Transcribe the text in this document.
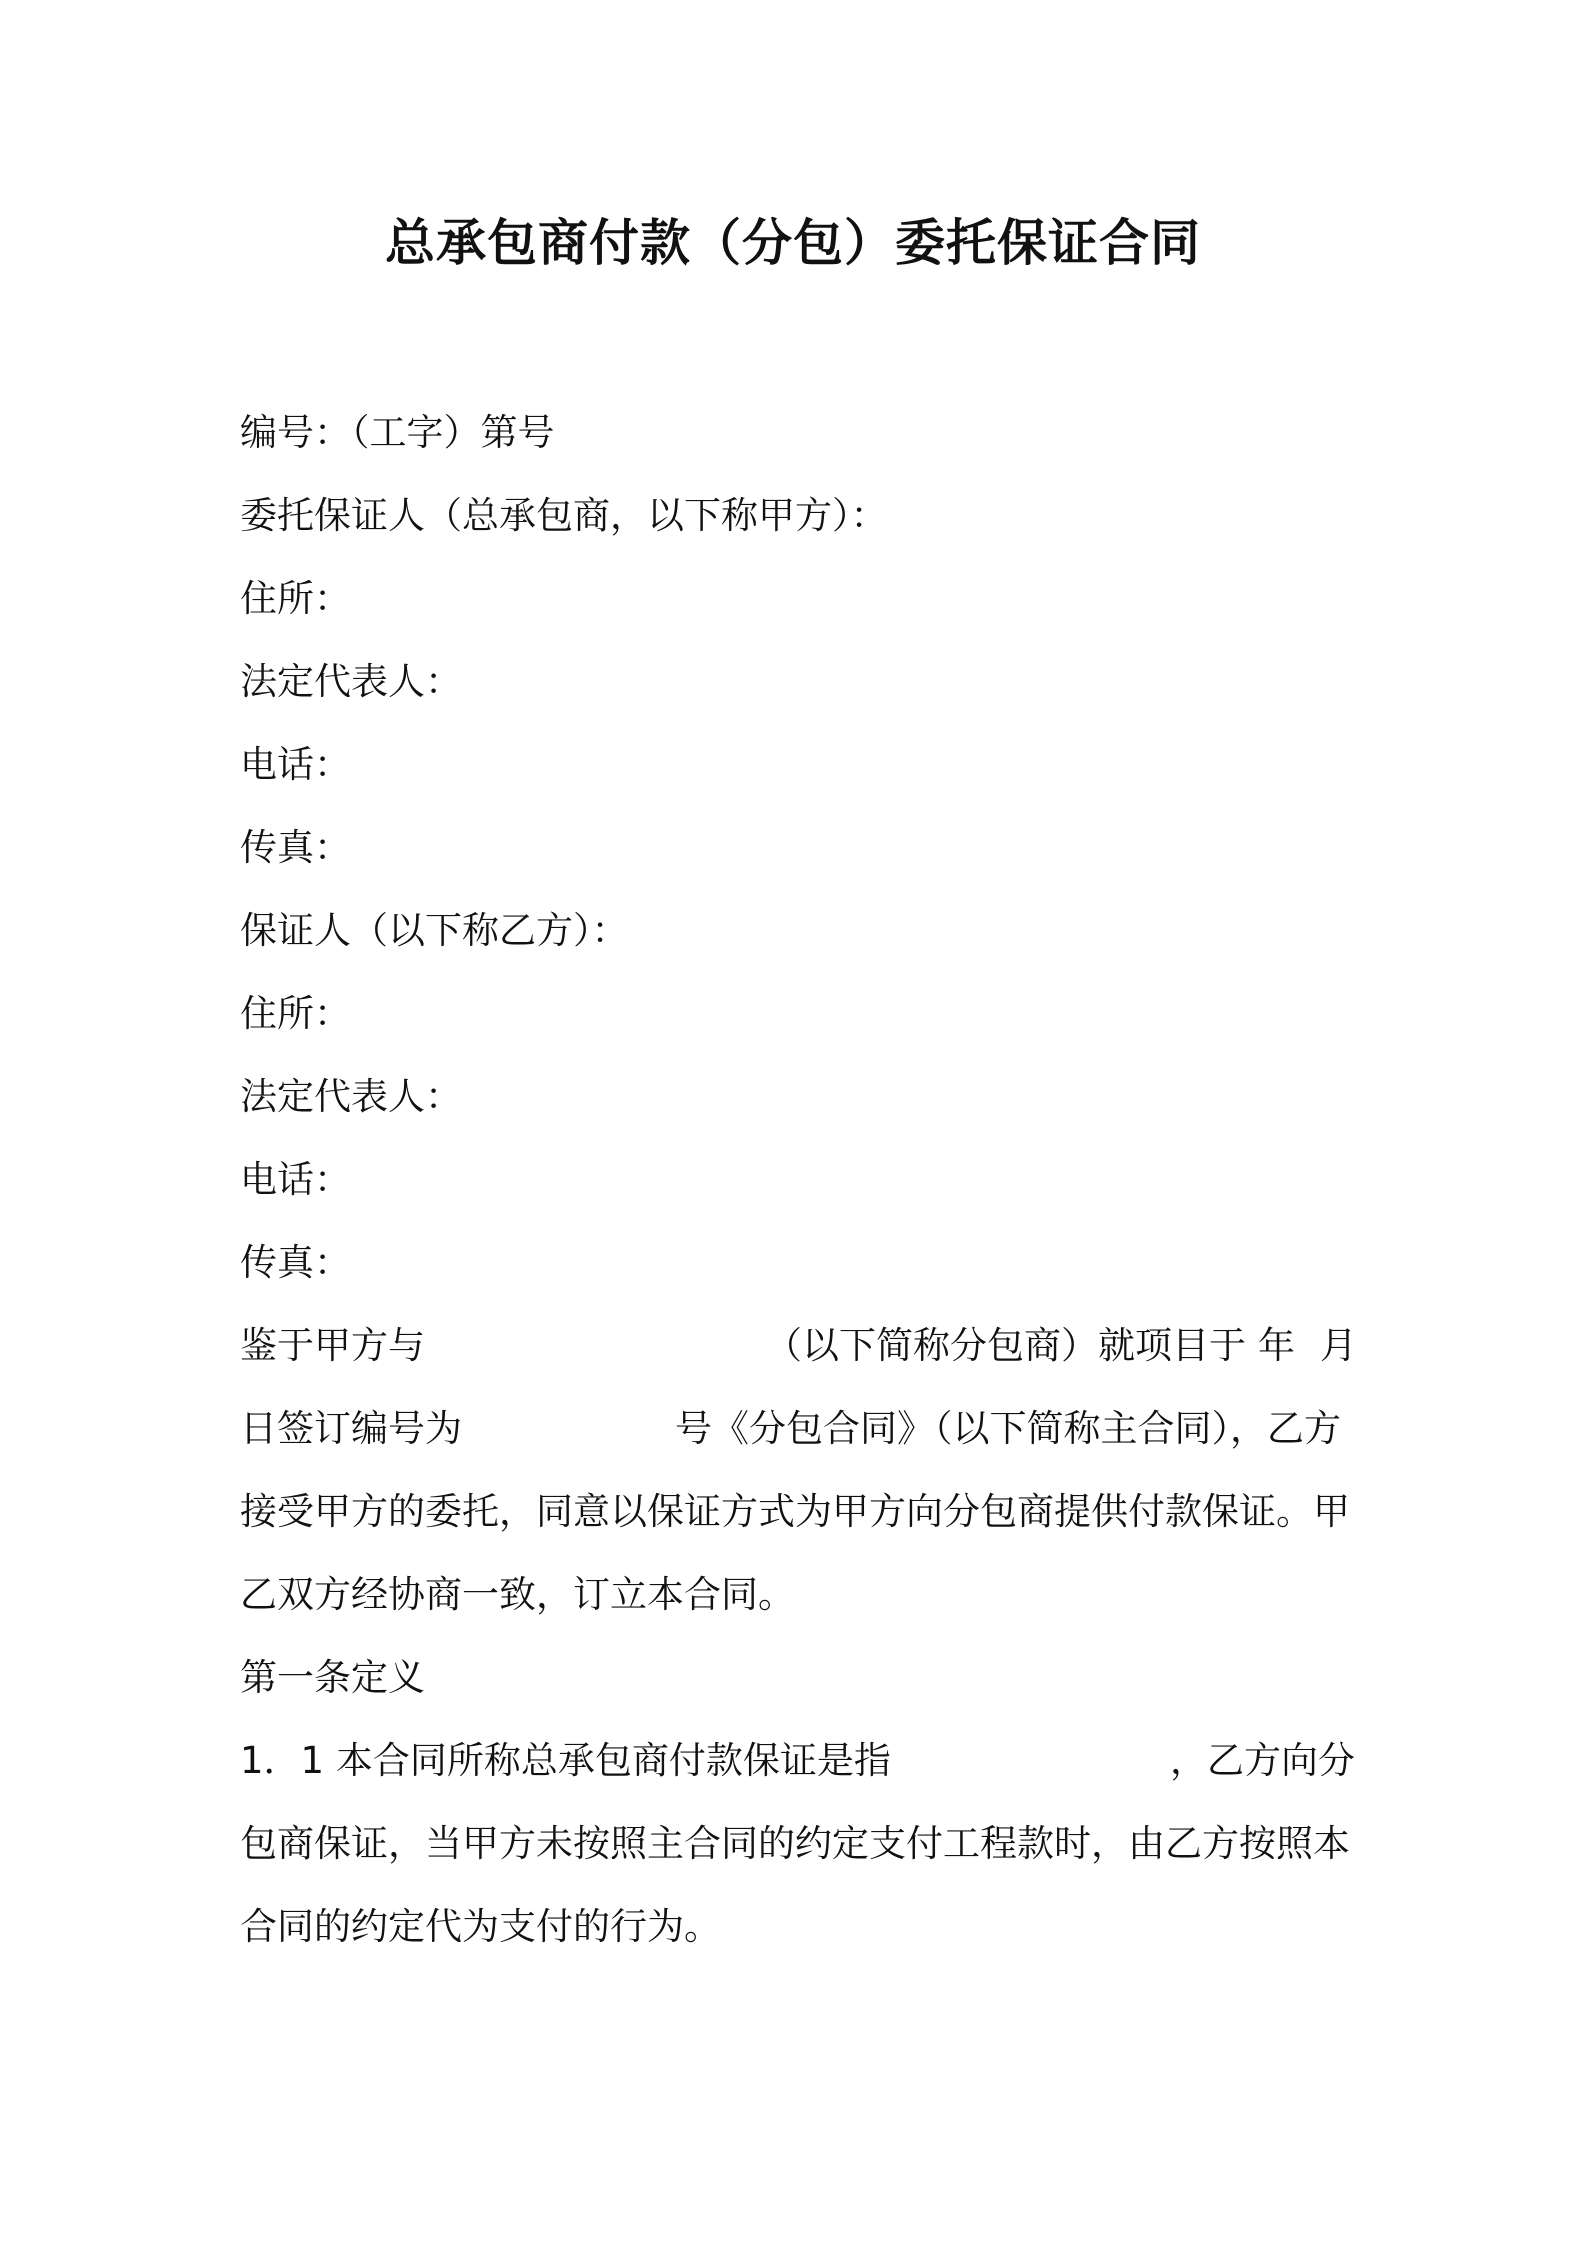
总承包商付款（分包）委托保证合同
编号：（工字）第号
委托保证人（总承包商，以下称甲方）：
住所：
法定代表人：
电话：
传真：
保证人（以下称乙方）：
住所：
法定代表人：
电话：
传真：
鉴于甲方与	（以下简称分包商）就项目于 年 月
日签订编号为	号《分包合同》（以下简称主合同），乙方
接受甲方的委托，同意以保证方式为甲方向分包商提供付款保证。甲
乙双方经协商一致，订立本合同。
第一条定义
1．1 本合同所称总承包商付款保证是指	，乙方向分
包商保证，当甲方未按照主合同的约定支付工程款时，由乙方按照本
合同的约定代为支付的行为。
